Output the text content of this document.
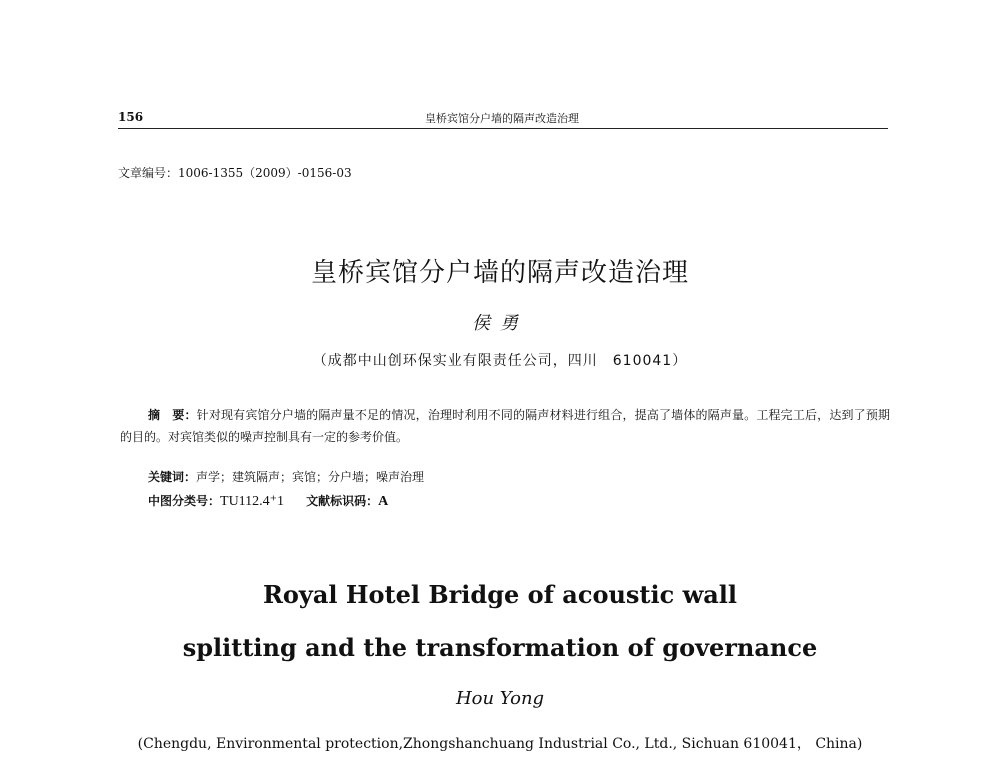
156	皇桥宾馆分户墙的隔声改造治理
文章编号：1006-1355（2009）-0156-03
皇桥宾馆分户墙的隔声改造治理
侯勇
（成都中山创环保实业有限责任公司，四川　610041）
摘　要：针对现有宾馆分户墙的隔声量不足的情况，治理时利用不同的隔声材料进行组合，提高了墙体的隔声量。工程完工后，达到了预期的目的。对宾馆类似的噪声控制具有一定的参考价值。
关键词：声学；建筑隔声；宾馆；分户墙；噪声治理
中图分类号：TU112.4⁺1 文献标识码：A
Royal Hotel Bridge of acoustic wall
splitting and the transformation of governance
Hou Yong
(Chengdu, Environmental protection,Zhongshanchuang Industrial Co., Ltd., Sichuan 610041， China)
